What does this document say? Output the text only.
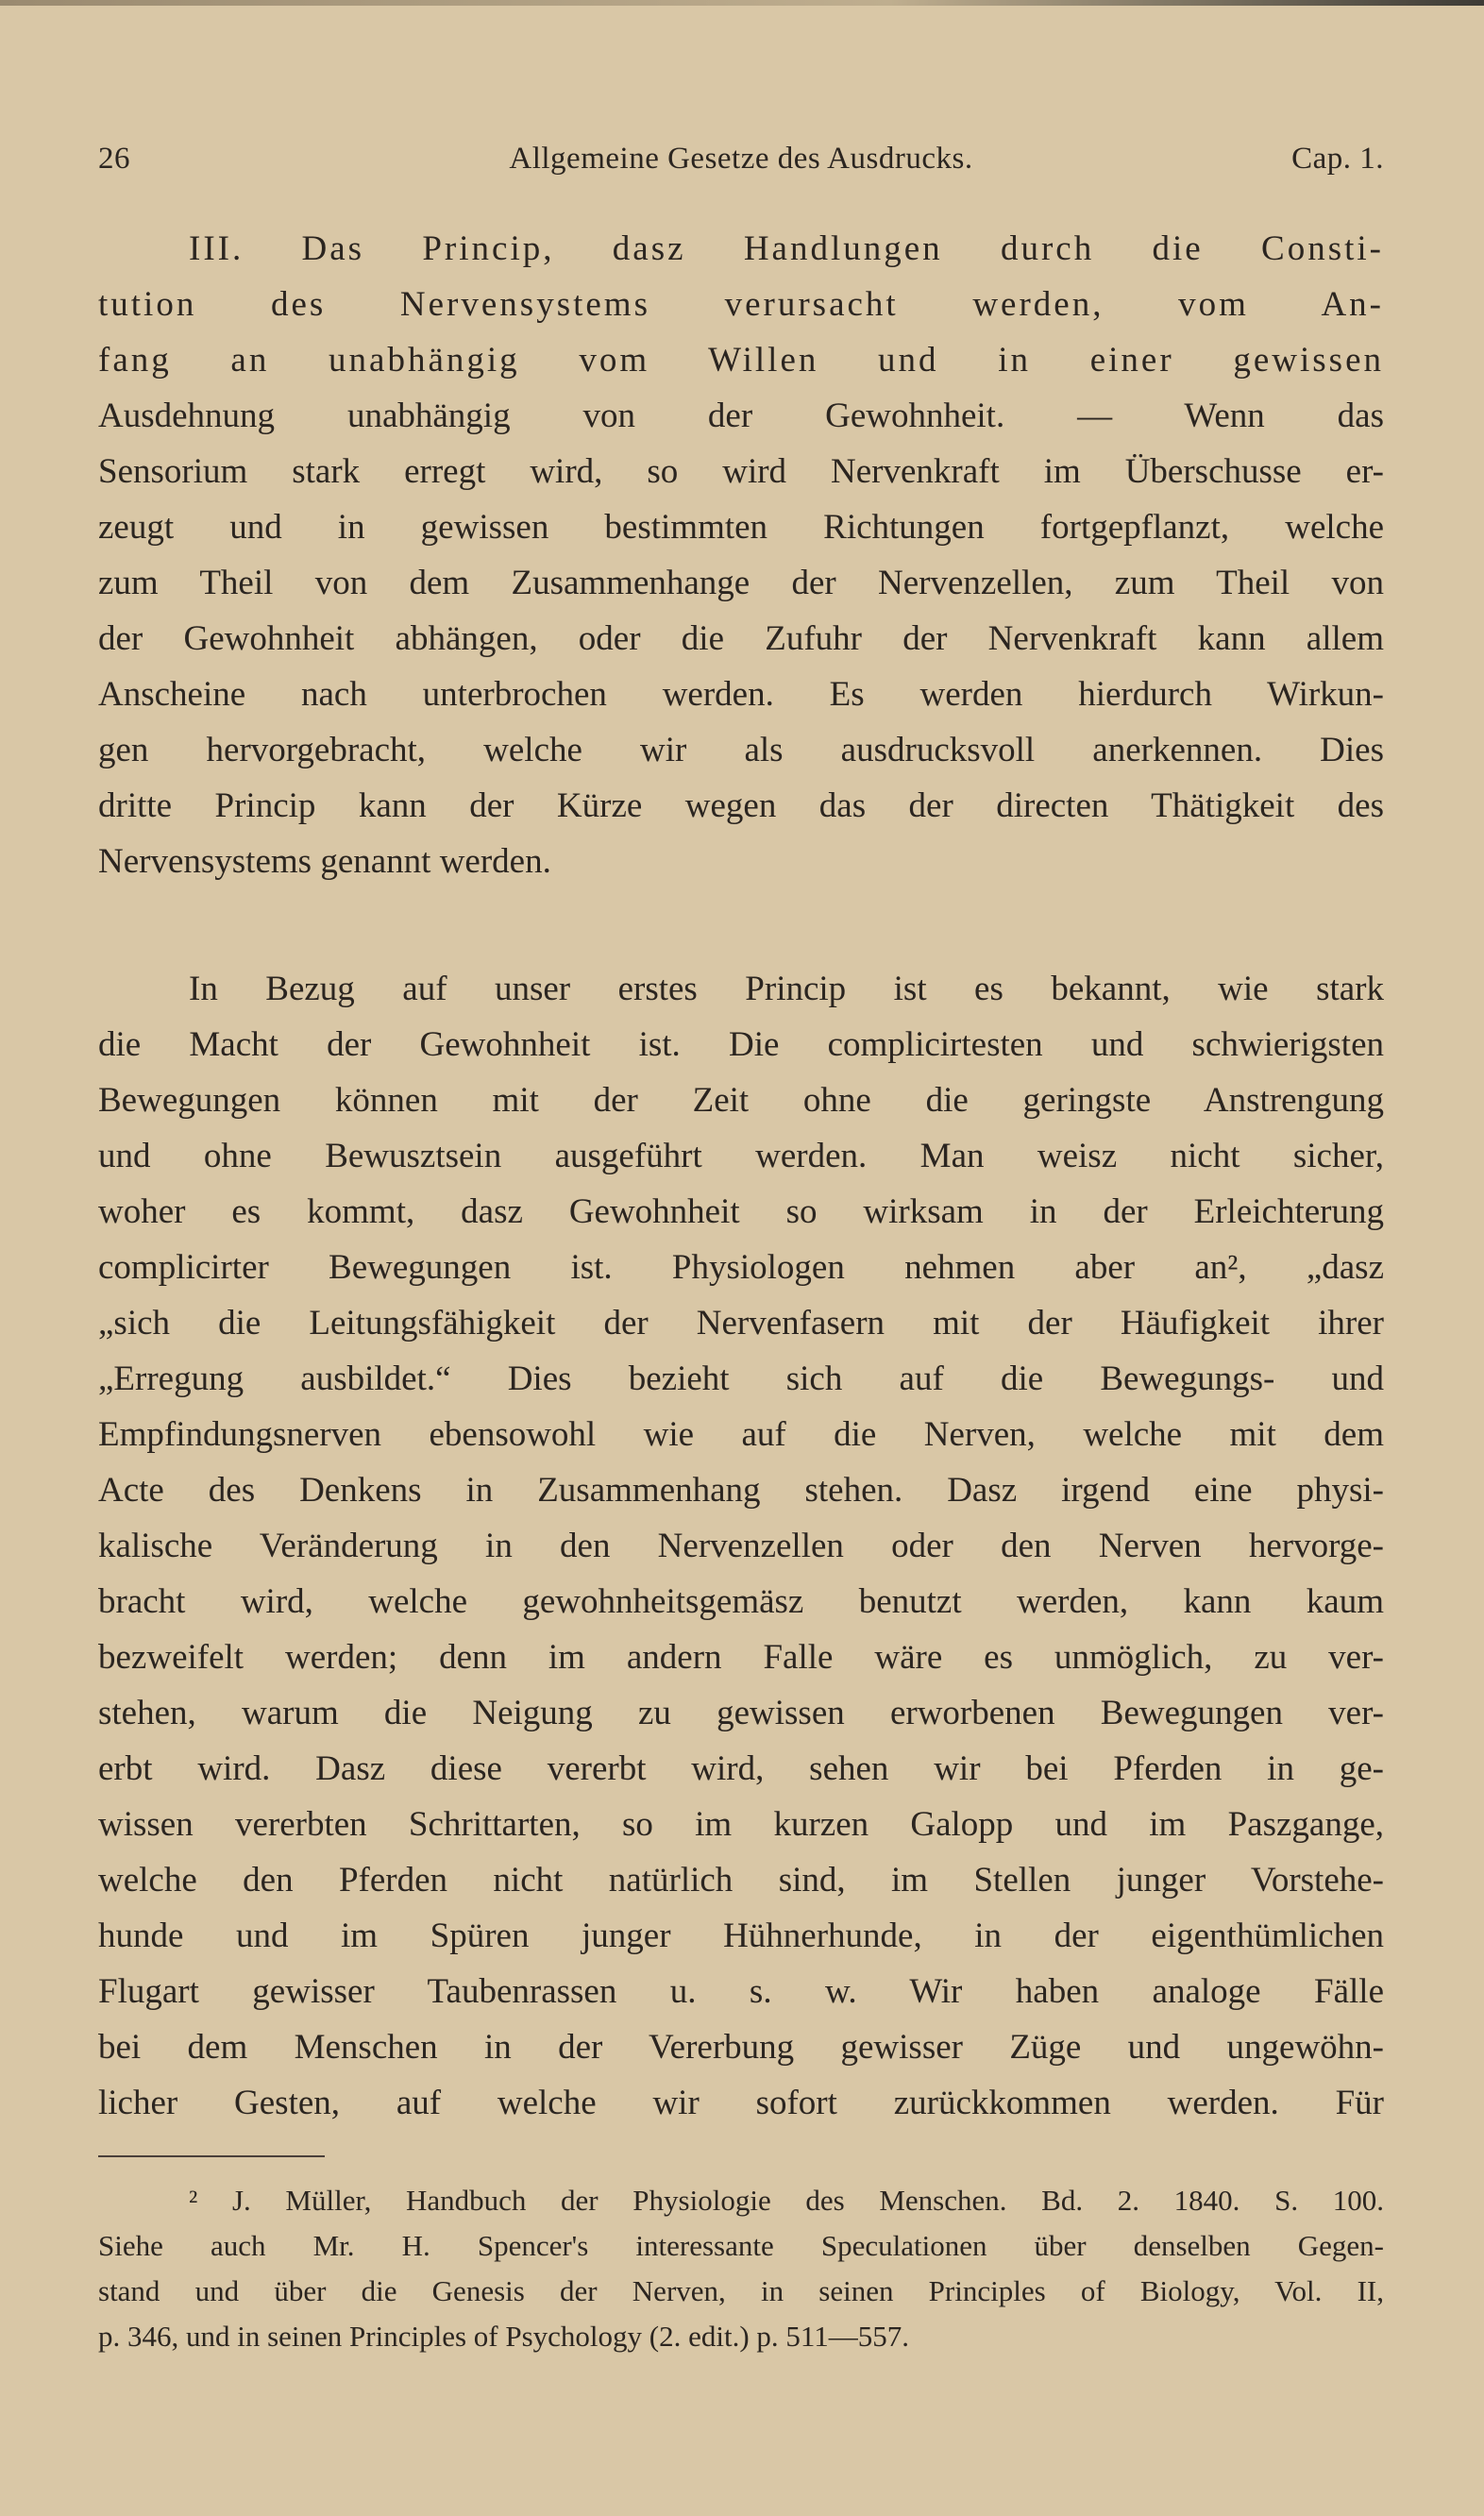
26	Allgemeine Gesetze des Ausdrucks.	Cap. 1.
III. Das Princip, dasz Handlungen durch die Consti-
tution des Nervensystems verursacht werden, vom An-
fang an unabhängig vom Willen und in einer gewissen
Ausdehnung unabhängig von der Gewohnheit. — Wenn das
Sensorium stark erregt wird, so wird Nervenkraft im Überschusse er-
zeugt und in gewissen bestimmten Richtungen fortgepflanzt, welche
zum Theil von dem Zusammenhange der Nervenzellen, zum Theil von
der Gewohnheit abhängen, oder die Zufuhr der Nervenkraft kann allem
Anscheine nach unterbrochen werden. Es werden hierdurch Wirkun-
gen hervorgebracht, welche wir als ausdrucksvoll anerkennen. Dies
dritte Princip kann der Kürze wegen das der directen Thätigkeit des
Nervensystems genannt werden.
In Bezug auf unser erstes Princip ist es bekannt, wie stark
die Macht der Gewohnheit ist. Die complicirtesten und schwierigsten
Bewegungen können mit der Zeit ohne die geringste Anstrengung
und ohne Bewusztsein ausgeführt werden. Man weisz nicht sicher,
woher es kommt, dasz Gewohnheit so wirksam in der Erleichterung
complicirter Bewegungen ist. Physiologen nehmen aber an², „dasz
„sich die Leitungsfähigkeit der Nervenfasern mit der Häufigkeit ihrer
„Erregung ausbildet.“ Dies bezieht sich auf die Bewegungs- und
Empfindungsnerven ebensowohl wie auf die Nerven, welche mit dem
Acte des Denkens in Zusammenhang stehen. Dasz irgend eine physi-
kalische Veränderung in den Nervenzellen oder den Nerven hervorge-
bracht wird, welche gewohnheitsgemäsz benutzt werden, kann kaum
bezweifelt werden; denn im andern Falle wäre es unmöglich, zu ver-
stehen, warum die Neigung zu gewissen erworbenen Bewegungen ver-
erbt wird. Dasz diese vererbt wird, sehen wir bei Pferden in ge-
wissen vererbten Schrittarten, so im kurzen Galopp und im Paszgange,
welche den Pferden nicht natürlich sind, im Stellen junger Vorstehe-
hunde und im Spüren junger Hühnerhunde, in der eigenthümlichen
Flugart gewisser Taubenrassen u. s. w. Wir haben analoge Fälle
bei dem Menschen in der Vererbung gewisser Züge und ungewöhn-
licher Gesten, auf welche wir sofort zurückkommen werden. Für
² J. Müller, Handbuch der Physiologie des Menschen. Bd. 2. 1840. S. 100.
Siehe auch Mr. H. Spencer's interessante Speculationen über denselben Gegen-
stand und über die Genesis der Nerven, in seinen Principles of Biology, Vol. II,
p. 346, und in seinen Principles of Psychology (2. edit.) p. 511—557.
